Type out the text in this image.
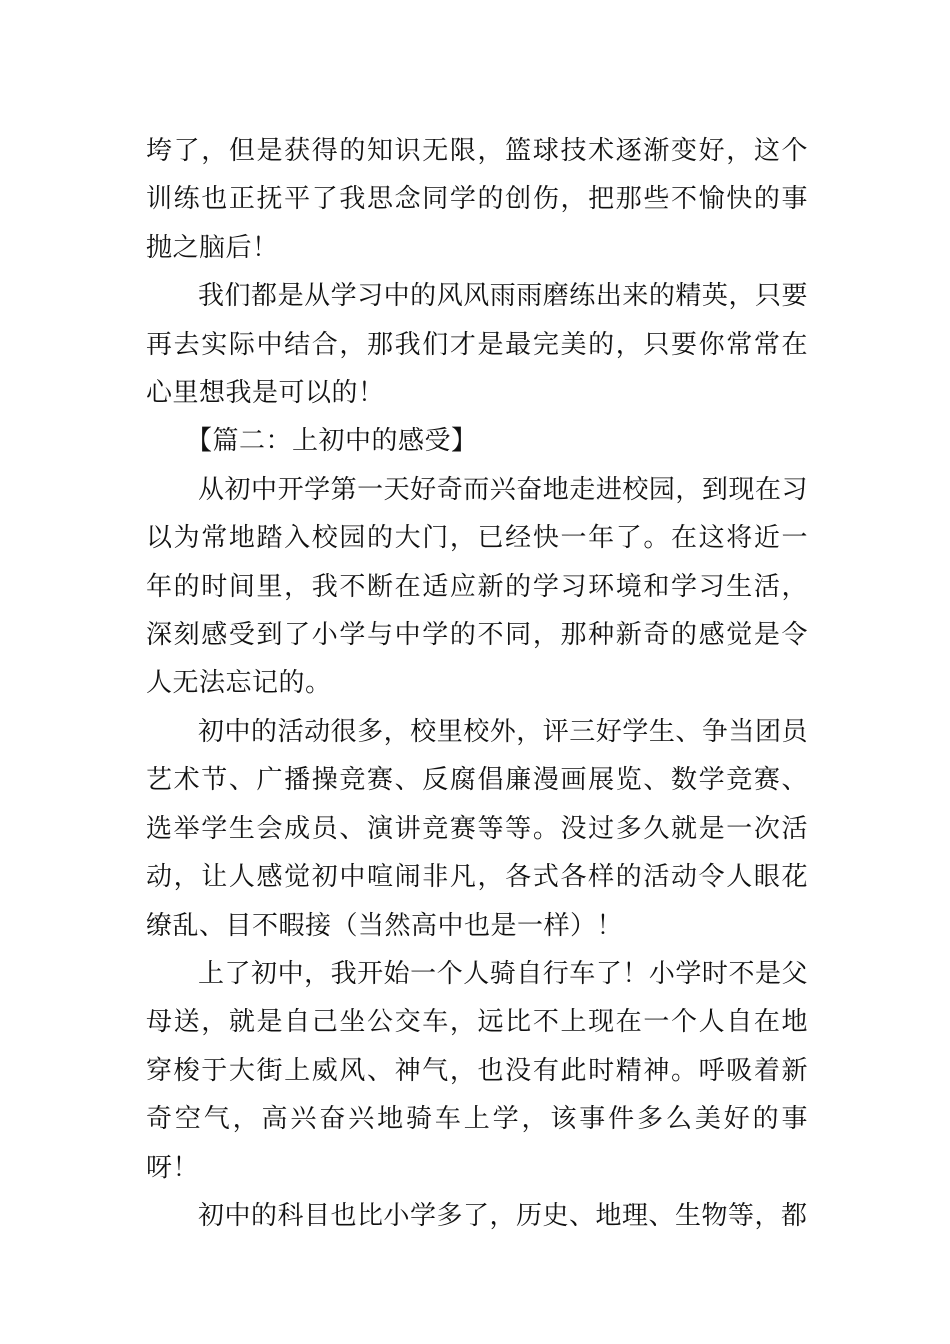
垮了，但是获得的知识无限，篮球技术逐渐变好，这个训练也正抚平了我思念同学的创伤，把那些不愉快的事抛之脑后！

我们都是从学习中的风风雨雨磨练出来的精英，只要再去实际中结合，那我们才是最完美的，只要你常常在心里想我是可以的！

【篇二：上初中的感受】

从初中开学第一天好奇而兴奋地走进校园，到现在习以为常地踏入校园的大门，已经快一年了。在这将近一年的时间里，我不断在适应新的学习环境和学习生活，深刻感受到了小学与中学的不同，那种新奇的感觉是令人无法忘记的。

初中的活动很多，校里校外，评三好学生、争当团员艺术节、广播操竞赛、反腐倡廉漫画展览、数学竞赛、选举学生会成员、演讲竞赛等等。没过多久就是一次活动，让人感觉初中喧闹非凡，各式各样的活动令人眼花缭乱、目不暇接（当然高中也是一样）！

上了初中，我开始一个人骑自行车了！小学时不是父母送，就是自己坐公交车，远比不上现在一个人自在地穿梭于大街上威风、神气，也没有此时精神。呼吸着新奇空气，高兴奋兴地骑车上学，该事件多么美好的事呀！

初中的科目也比小学多了，历史、地理、生物等，都
